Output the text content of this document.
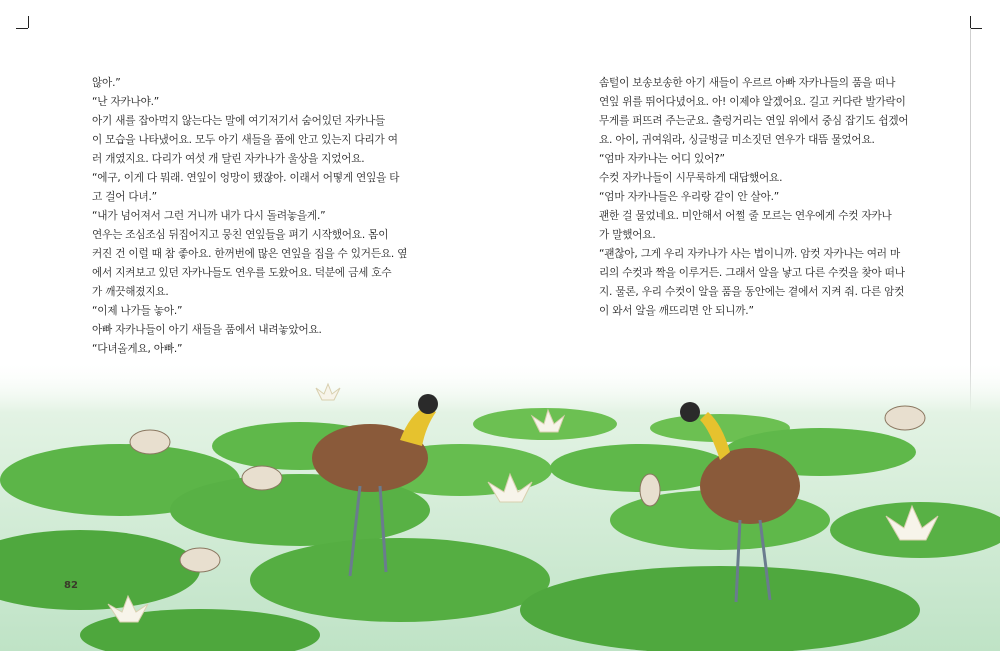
않아.”

“난 자카나야.”

아기 새를 잡아먹지 않는다는 말에 여기저기서 숨어있던 자카나들

이 모습을 나타냈어요. 모두 아기 새들을 품에 안고 있는지 다리가 여

러 개였지요. 다리가 여섯 개 달린 자카나가 울상을 지었어요.

“에구, 이게 다 뭐래. 연잎이 엉망이 됐잖아. 이래서 어떻게 연잎을 타

고 걸어 다녀.”

“내가 넘어져서 그런 거니까 내가 다시 돌려놓을게.”

연우는 조심조심 뒤집어지고 뭉친 연잎들을 펴기 시작했어요. 몸이

커진 건 이럴 때 참 좋아요. 한꺼번에 많은 연잎을 집을 수 있거든요. 옆

에서 지켜보고 있던 자카나들도 연우를 도왔어요. 덕분에 금세 호수

가 깨끗해졌지요.

“이제 나가들 놓아.”

아빠 자카나들이 아기 새들을 품에서 내려놓았어요.

“다녀올게요, 아빠.”

솜털이 보송보송한 아기 새들이 우르르 아빠 자카나들의 품을 떠나

연잎 위를 뛰어다녔어요. 아! 이제야 알겠어요. 길고 커다란 발가락이

무게를 퍼뜨려 주는군요. 출렁거리는 연잎 위에서 중심 잡기도 쉽겠어

요. 아이, 귀여워라, 싱글벙글 미소짓던 연우가 대뜸 물었어요.

“엄마 자카나는 어디 있어?”

수컷 자카나들이 시무룩하게 대답했어요.

“엄마 자카나들은 우리랑 같이 안 살아.”

괜한 걸 물었네요. 미안해서 어쩔 줄 모르는 연우에게 수컷 자카나

가 말했어요.

“괜찮아, 그게 우리 자카나가 사는 법이니까. 암컷 자카나는 여러 마

리의 수컷과 짝을 이루거든. 그래서 알을 낳고 다른 수컷을 찾아 떠나

지. 물론, 우리 수컷이 알을 품을 동안에는 곁에서 지켜 줘. 다른 암컷

이 와서 알을 깨뜨리면 안 되니까.”

82
